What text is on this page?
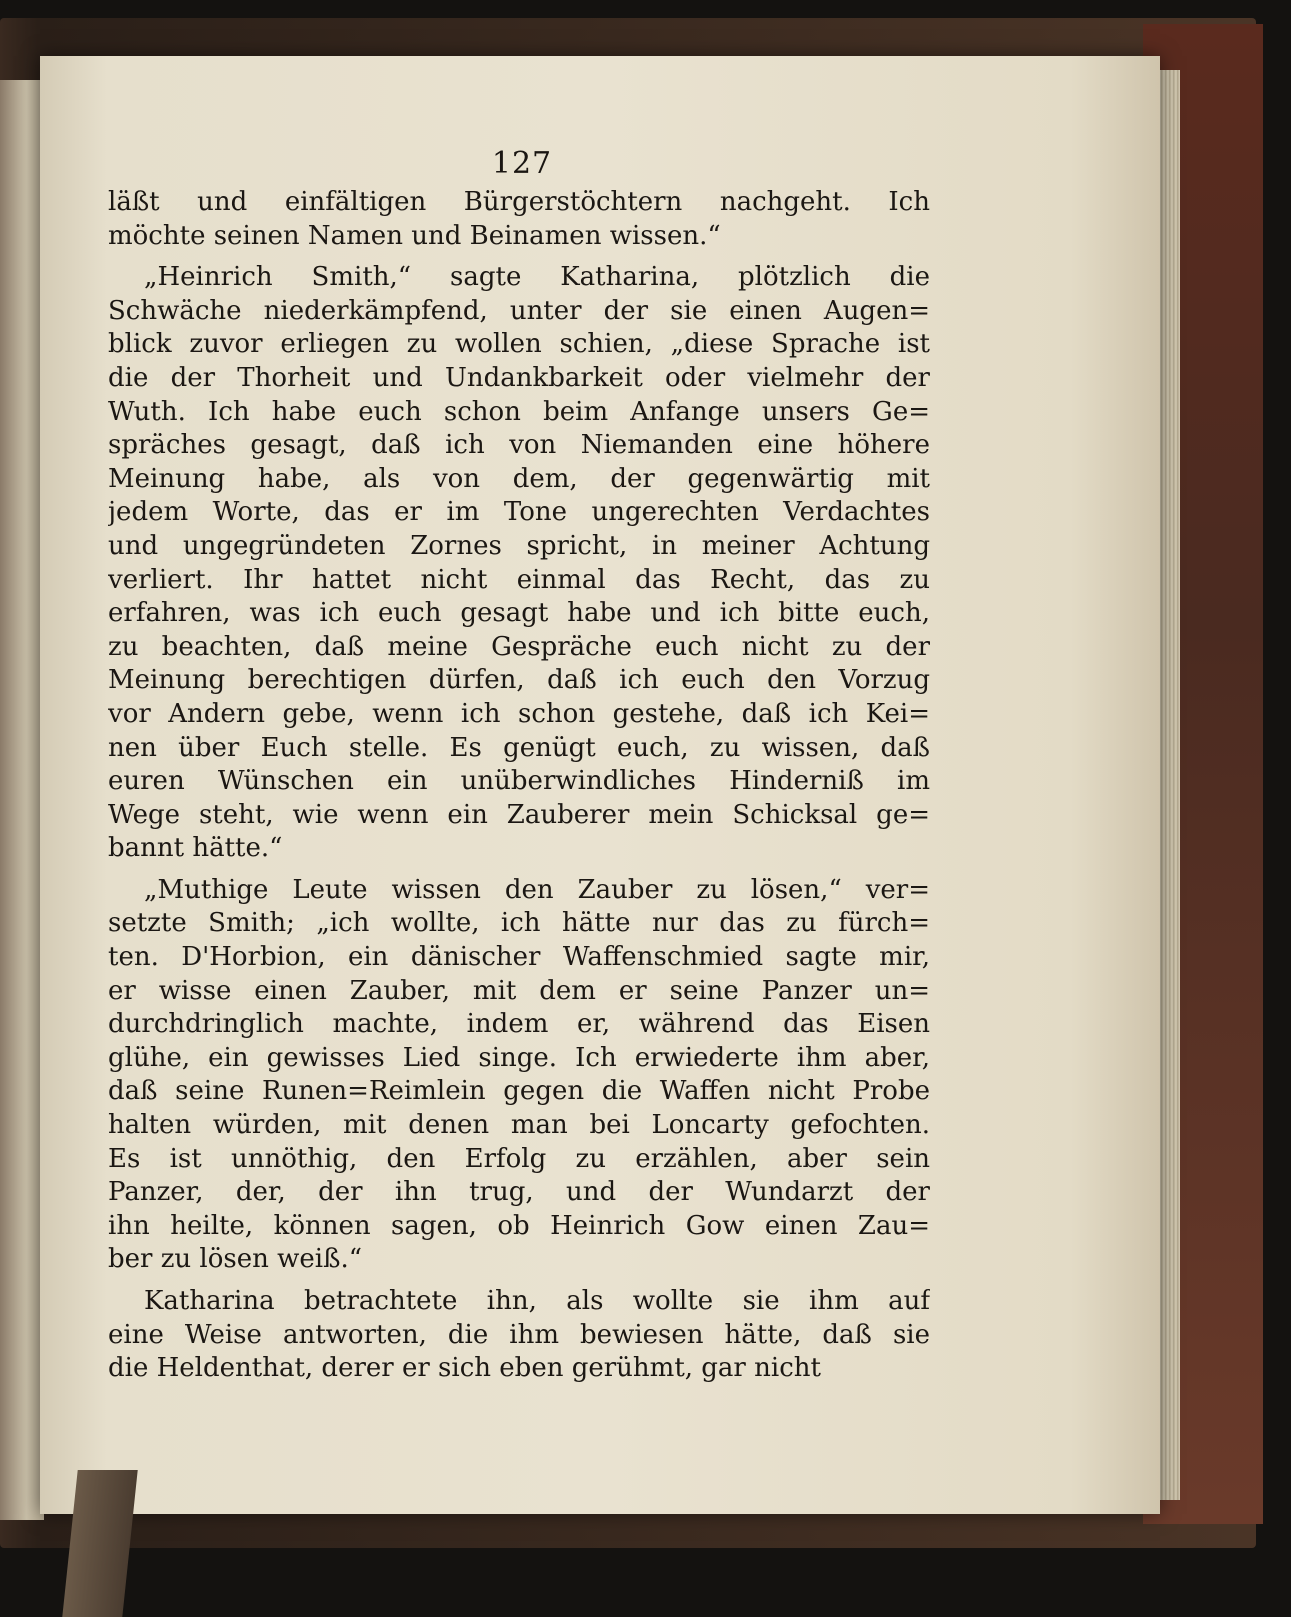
127
läßt und einfältigen Bürgerstöchtern nachgeht. Ich
möchte seinen Namen und Beinamen wissen.“
„Heinrich Smith,“ sagte Katharina, plötzlich die
Schwäche niederkämpfend, unter der sie einen Augen=
blick zuvor erliegen zu wollen schien, „diese Sprache ist
die der Thorheit und Undankbarkeit oder vielmehr der
Wuth. Ich habe euch schon beim Anfange unsers Ge=
spräches gesagt, daß ich von Niemanden eine höhere
Meinung habe, als von dem, der gegenwärtig mit
jedem Worte, das er im Tone ungerechten Verdachtes
und ungegründeten Zornes spricht, in meiner Achtung
verliert. Ihr hattet nicht einmal das Recht, das zu
erfahren, was ich euch gesagt habe und ich bitte euch,
zu beachten, daß meine Gespräche euch nicht zu der
Meinung berechtigen dürfen, daß ich euch den Vorzug
vor Andern gebe, wenn ich schon gestehe, daß ich Kei=
nen über Euch stelle. Es genügt euch, zu wissen, daß
euren Wünschen ein unüberwindliches Hinderniß im
Wege steht, wie wenn ein Zauberer mein Schicksal ge=
bannt hätte.“
„Muthige Leute wissen den Zauber zu lösen,“ ver=
setzte Smith; „ich wollte, ich hätte nur das zu fürch=
ten. D'Horbion, ein dänischer Waffenschmied sagte mir,
er wisse einen Zauber, mit dem er seine Panzer un=
durchdringlich machte, indem er, während das Eisen
glühe, ein gewisses Lied singe. Ich erwiederte ihm aber,
daß seine Runen=Reimlein gegen die Waffen nicht Probe
halten würden, mit denen man bei Loncarty gefochten.
Es ist unnöthig, den Erfolg zu erzählen, aber sein
Panzer, der, der ihn trug, und der Wundarzt der
ihn heilte, können sagen, ob Heinrich Gow einen Zau=
ber zu lösen weiß.“
Katharina betrachtete ihn, als wollte sie ihm auf
eine Weise antworten, die ihm bewiesen hätte, daß sie
die Heldenthat, derer er sich eben gerühmt, gar nicht
